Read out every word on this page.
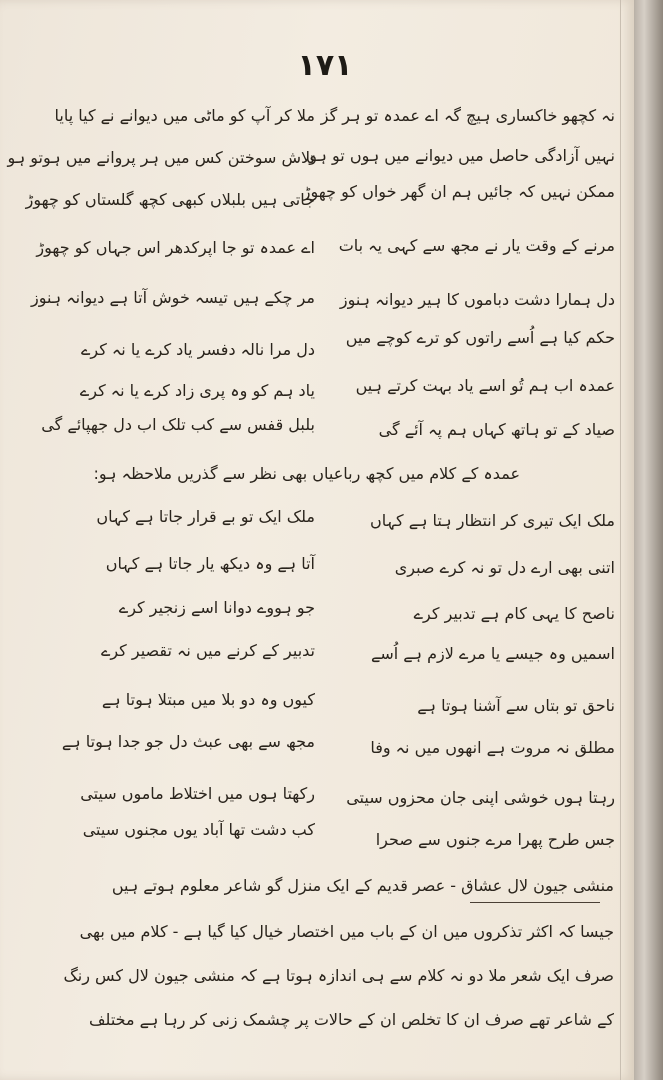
۱۷۱
نہ کچھو خاکساری ہیچ گہ اے عمدہ تو ہر گز
ملا کر آپ کو ماٹی میں دیوانے نے کیا پایا
نہیں آزادگی حاصل میں دیوانے میں ہوں تو ہو
تلاش سوختن کس میں ہر پروانے میں ہوتو ہو
ممکن نہیں کہ جائیں ہم ان گھر خواں کو چھوڑ
جاتی ہیں بلبلاں کبھی کچھ گلستاں کو چھوڑ
مرنے کے وقت یار نے مجھ سے کہی یہ بات
اے عمدہ تو جا اپرکدھر اس جہاں کو چھوڑ
دل ہمارا دشت دباموں کا ہیر دیوانہ ہنوز
مر چکے ہیں تیسہ خوش آتا ہے دیوانہ ہنوز
حکم کیا ہے اُسے راتوں کو ترے کوچے میں
دل مرا نالہ دفسر یاد کرے یا نہ کرے
عمدہ اب ہم تُو اسے یاد بہت کرتے ہیں
یاد ہم کو وہ پری زاد کرے یا نہ کرے
صیاد کے تو ہاتھ کہاں ہم پہ آئے گی
بلبل قفس سے کب تلک اب دل جھپائے گی
عمدہ کے کلام میں کچھ رباعیاں بھی نظر سے گذریں ملاحظہ ہو:
ملک ایک تیری کر انتظار ہتا ہے کہاں
ملک ایک تو بے قرار جاتا ہے کہاں
اتنی بھی ارے دل تو نہ کرے صبری
آتا ہے وہ دیکھ یار جاتا ہے کہاں
ناصح کا یہی کام ہے تدبیر کرے
جو ہووے دوانا اسے زنجیر کرے
اسمیں وہ جیسے یا مرے لازم ہے اُسے
تدبیر کے کرنے میں نہ تقصیر کرے
ناحق تو بتاں سے آشنا ہوتا ہے
کیوں وہ دو بلا میں مبتلا ہوتا ہے
مطلق نہ مروت ہے انھوں میں نہ وفا
مجھ سے بھی عبث دل جو جدا ہوتا ہے
رہتا ہوں خوشی اپنی جان محزوں سیتی
رکھتا ہوں میں اختلاط ماموں سیتی
جس طرح پھرا مرے جنوں سے صحرا
کب دشت تھا آباد یوں مجنوں سیتی
منشی جیون لال عشاق - عصر قدیم کے ایک منزل گو شاعر معلوم ہوتے ہیں
جیسا کہ اکثر تذکروں میں ان کے باب میں اختصار خیال کیا گیا ہے - کلام میں بھی
صرف ایک شعر ملا دو نہ کلام سے ہی اندازہ ہوتا ہے کہ منشی جیون لال کس رنگ
کے شاعر تھے صرف ان کا تخلص ان کے حالات پر چشمک زنی کر رہا ہے مختلف
